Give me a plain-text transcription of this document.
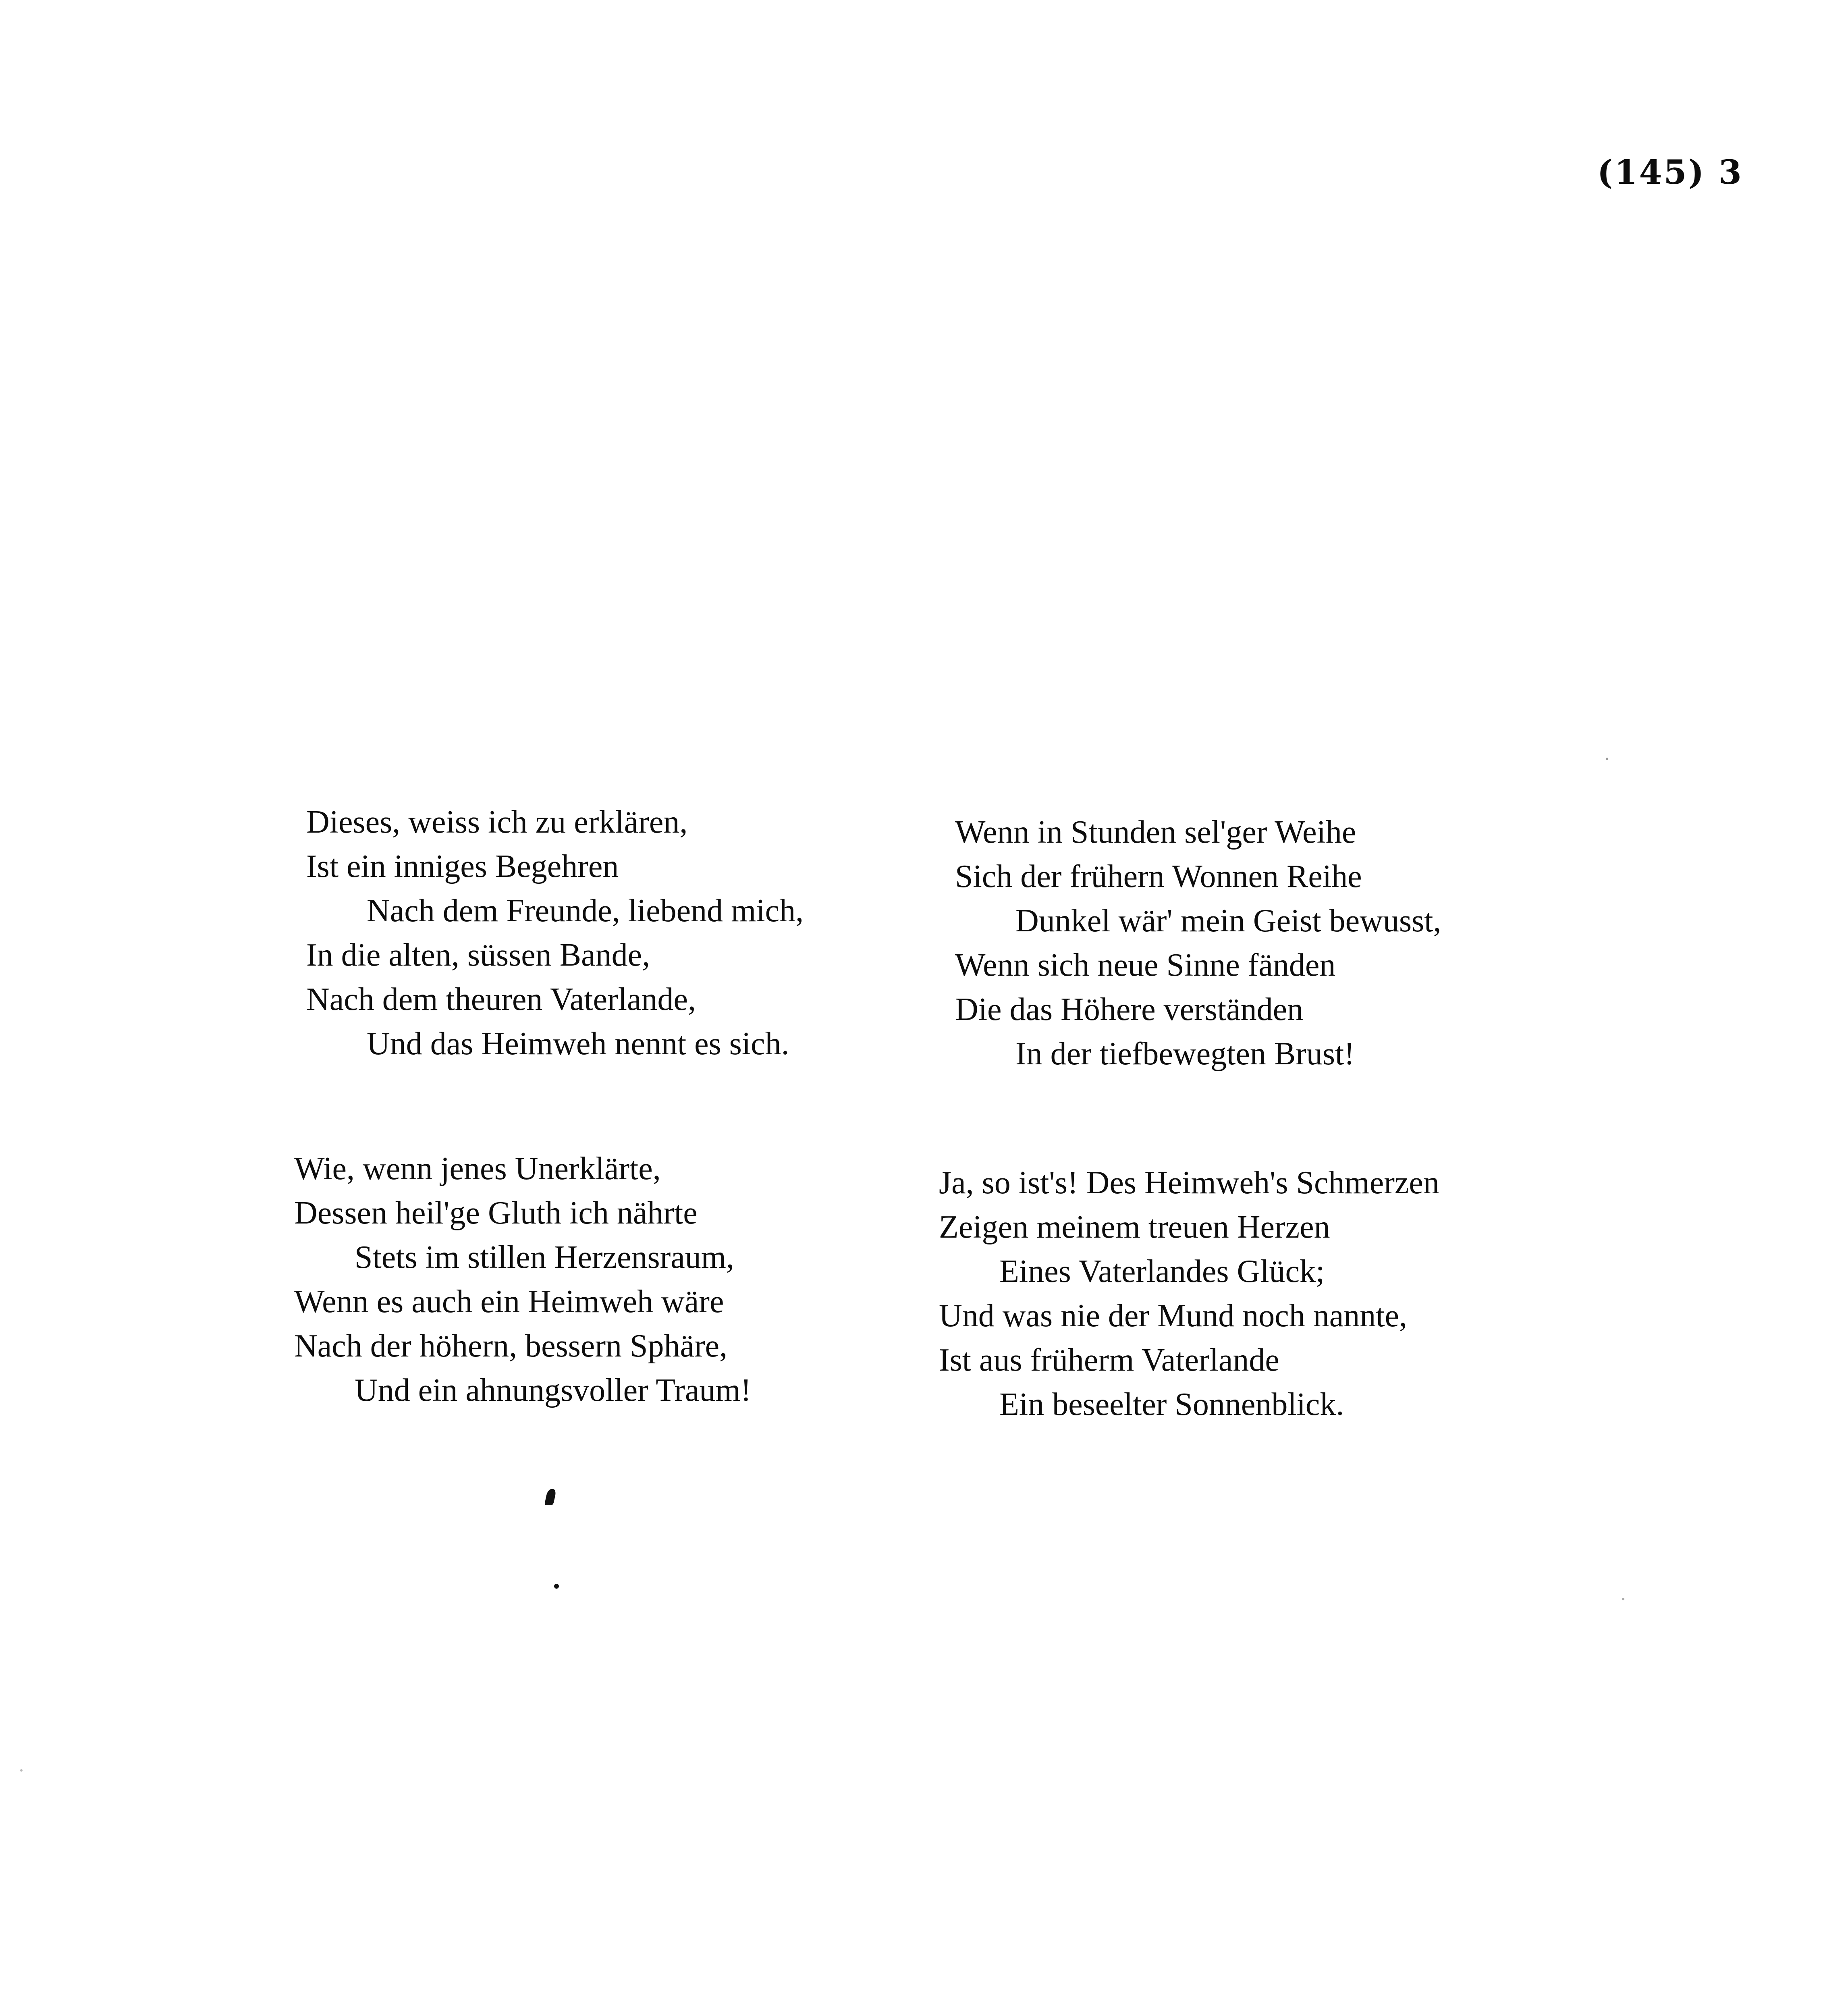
(145) 3
Dieses, weiss ich zu erklären,
Ist ein inniges Begehren
Nach dem Freunde, liebend mich,
In die alten, süssen Bande,
Nach dem theuren Vaterlande,
Und das Heimweh nennt es sich.
Wie, wenn jenes Unerklärte,
Dessen heil'ge Gluth ich nährte
Stets im stillen Herzensraum,
Wenn es auch ein Heimweh wäre
Nach der höhern, bessern Sphäre,
Und ein ahnungsvoller Traum!
Wenn in Stunden sel'ger Weihe
Sich der frühern Wonnen Reihe
Dunkel wär' mein Geist bewusst,
Wenn sich neue Sinne fänden
Die das Höhere verständen
In der tiefbewegten Brust!
Ja, so ist's! Des Heimweh's Schmerzen
Zeigen meinem treuen Herzen
Eines Vaterlandes Glück;
Und was nie der Mund noch nannte,
Ist aus früherm Vaterlande
Ein beseelter Sonnenblick.
